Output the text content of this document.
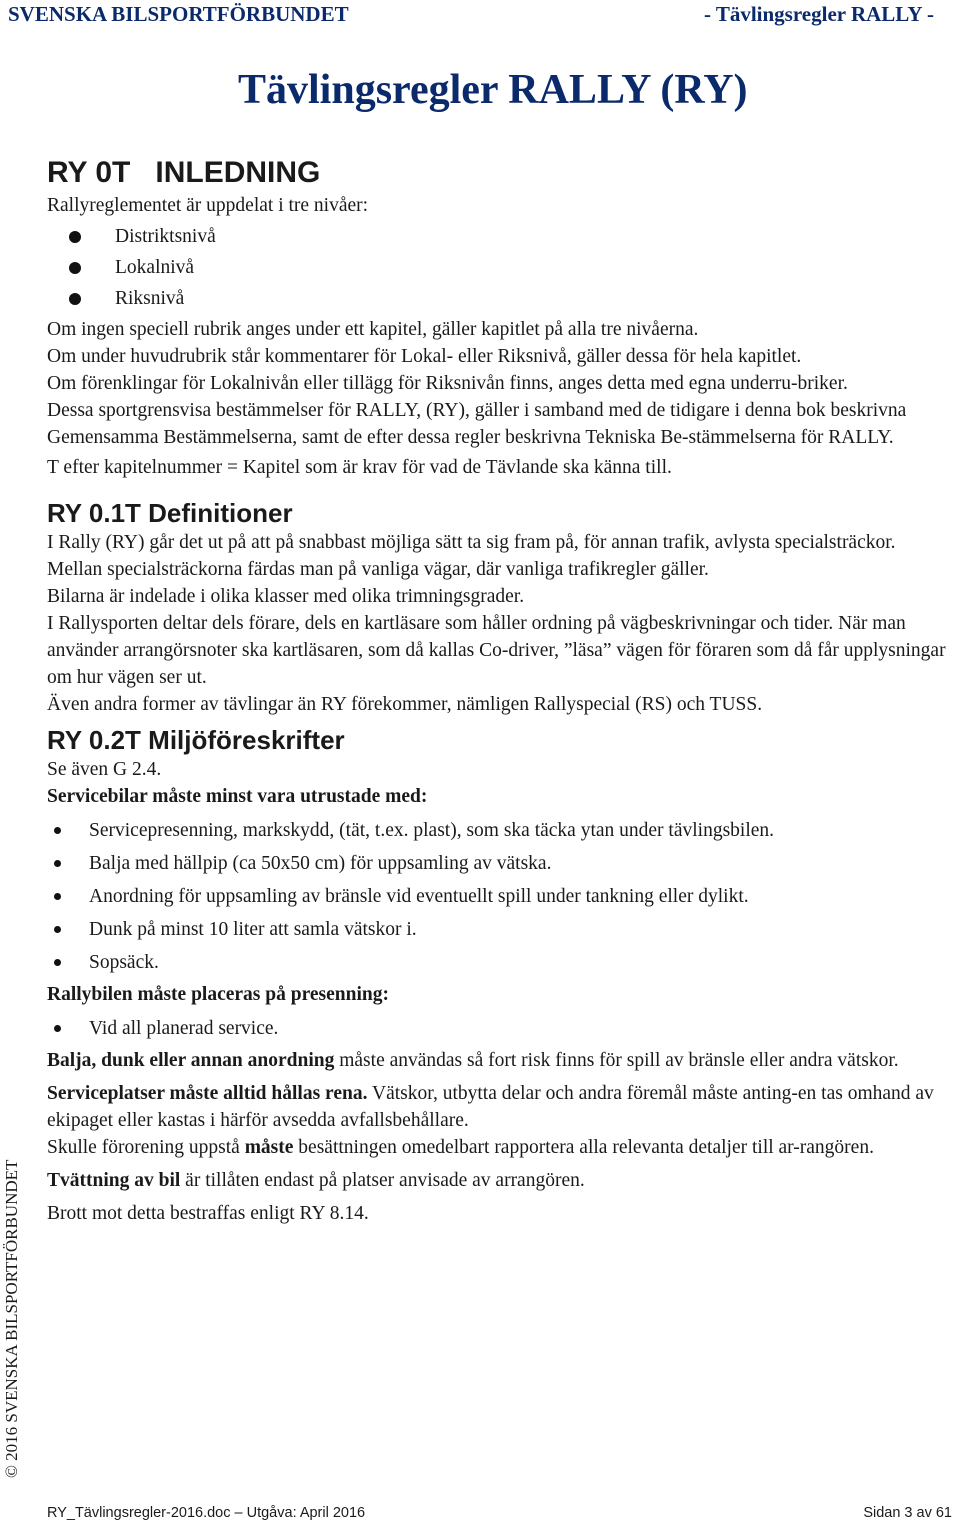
SVENSKA BILSPORTFÖRBUNDET	- Tävlingsregler RALLY -
Tävlingsregler RALLY (RY)
RY 0T   INLEDNING

Rallyreglementet är uppdelat i tre nivåer:

Distriktsnivå
Lokalnivå
Riksnivå

Om ingen speciell rubrik anges under ett kapitel, gäller kapitlet på alla tre nivåerna.

Om under huvudrubrik står kommentarer för Lokal- eller Riksnivå, gäller dessa för hela kapitlet.

Om förenklingar för Lokalnivån eller tillägg för Riksnivån finns, anges detta med egna underru-briker.

Dessa sportgrensvisa bestämmelser för RALLY, (RY), gäller i samband med de tidigare i denna bok beskrivna Gemensamma Bestämmelserna, samt de efter dessa regler beskrivna Tekniska Be-stämmelserna för RALLY.

T efter kapitelnummer = Kapitel som är krav för vad de Tävlande ska känna till.

RY 0.1T Definitioner

I Rally (RY) går det ut på att på snabbast möjliga sätt ta sig fram på, för annan trafik, avlysta specialsträckor. Mellan specialsträckorna färdas man på vanliga vägar, där vanliga trafikregler gäller.

Bilarna är indelade i olika klasser med olika trimningsgrader.

I Rallysporten deltar dels förare, dels en kartläsare som håller ordning på vägbeskrivningar och tider. När man använder arrangörsnoter ska kartläsaren, som då kallas Co-driver, ”läsa” vägen för föraren som då får upplysningar om hur vägen ser ut.

Även andra former av tävlingar än RY förekommer, nämligen Rallyspecial (RS) och TUSS.

RY 0.2T Miljöföreskrifter

Se även G 2.4.

Servicebilar måste minst vara utrustade med:

Servicepresenning, markskydd, (tät, t.ex. plast), som ska täcka ytan under tävlingsbilen.
Balja med hällpip (ca 50x50 cm) för uppsamling av vätska.
Anordning för uppsamling av bränsle vid eventuellt spill under tankning eller dylikt.
Dunk på minst 10 liter att samla vätskor i.
Sopsäck.

Rallybilen måste placeras på presenning:

Vid all planerad service.

Balja, dunk eller annan anordning måste användas så fort risk finns för spill av bränsle eller andra vätskor.

Serviceplatser måste alltid hållas rena. Vätskor, utbytta delar och andra föremål måste anting-en tas omhand av ekipaget eller kastas i härför avsedda avfallsbehållare.

Skulle förorening uppstå måste besättningen omedelbart rapportera alla relevanta detaljer till ar-rangören.

Tvättning av bil är tillåten endast på platser anvisade av arrangören.

Brott mot detta bestraffas enligt RY 8.14.

© 2016 SVENSKA BILSPORTFÖRBUNDET
RY_Tävlingsregler-2016.doc – Utgåva: April 2016	Sidan 3 av 61
